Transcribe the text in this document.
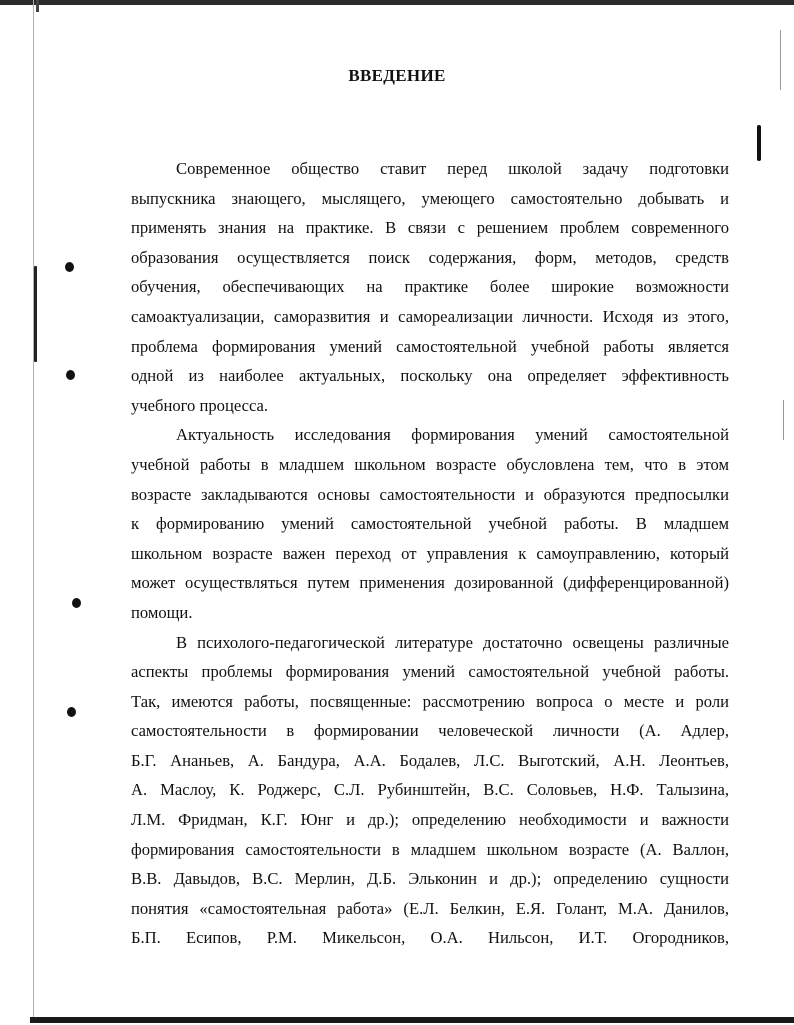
ВВЕДЕНИЕ
Современное общество ставит перед школой задачу подготовки
выпускника знающего, мыслящего, умеющего самостоятельно добывать и
применять знания на практике. В связи с решением проблем современного
образования осуществляется поиск содержания, форм, методов, средств
обучения, обеспечивающих на практике более широкие возможности
самоактуализации, саморазвития и самореализации личности. Исходя из этого,
проблема формирования умений самостоятельной учебной работы является
одной из наиболее актуальных, поскольку она определяет эффективность
учебного процесса.
Актуальность исследования формирования умений самостоятельной
учебной работы в младшем школьном возрасте обусловлена тем, что в этом
возрасте закладываются основы самостоятельности и образуются предпосылки
к формированию умений самостоятельной учебной работы. В младшем
школьном возрасте важен переход от управления к самоуправлению, который
может осуществляться путем применения дозированной (дифференцированной)
помощи.
В психолого-педагогической литературе достаточно освещены различные
аспекты проблемы формирования умений самостоятельной учебной работы.
Так, имеются работы, посвященные: рассмотрению вопроса о месте и роли
самостоятельности в формировании человеческой личности (А. Адлер,
Б.Г. Ананьев, А. Бандура, А.А. Бодалев, Л.С. Выготский, А.Н. Леонтьев,
А. Маслоу, К. Роджерс, С.Л. Рубинштейн, В.С. Соловьев, Н.Ф. Талызина,
Л.М. Фридман, К.Г. Юнг и др.); определению необходимости и важности
формирования самостоятельности в младшем школьном возрасте (А. Валлон,
В.В. Давыдов, В.С. Мерлин, Д.Б. Эльконин и др.); определению сущности
понятия «самостоятельная работа» (Е.Л. Белкин, Е.Я. Голант, М.А. Данилов,
Б.П. Есипов, Р.М. Микельсон, О.А. Нильсон, И.Т. Огородников,
